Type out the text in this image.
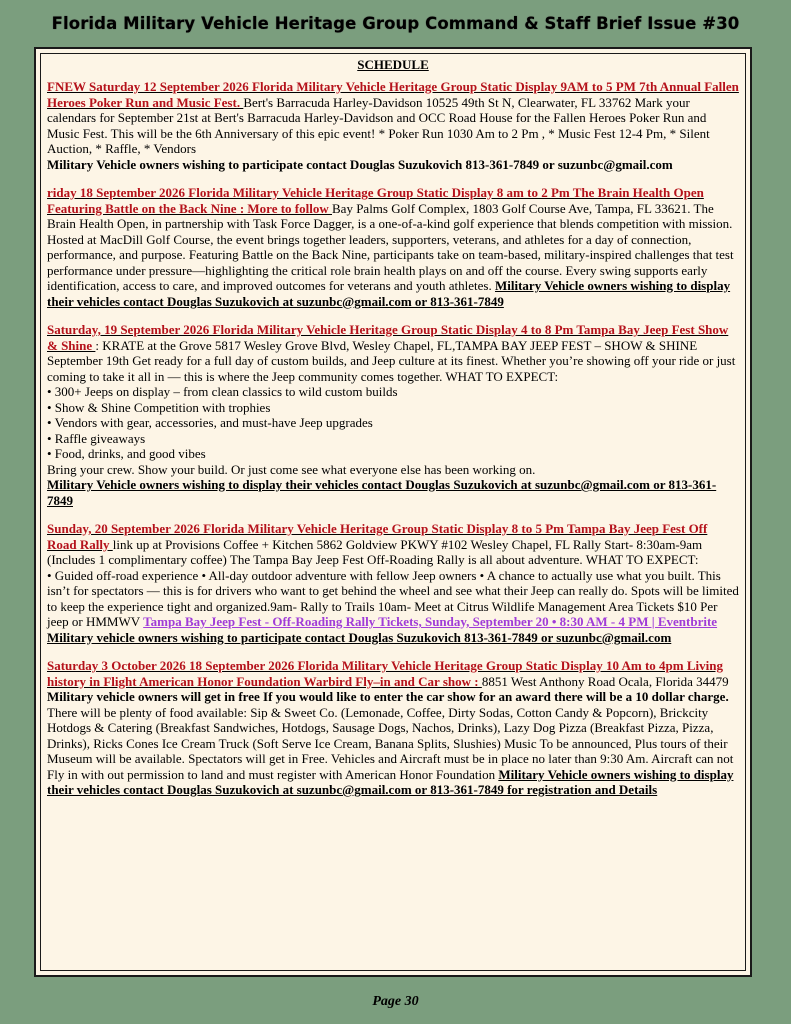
Florida Military Vehicle Heritage Group Command & Staff Brief Issue #30
SCHEDULE

FNEW Saturday 12 September 2026 Florida Military Vehicle Heritage Group Static Display 9AM to 5 PM 7th Annual Fallen Heroes Poker Run and Music Fest. Bert's Barracuda Harley-Davidson 10525 49th St N, Clearwater, FL 33762 Mark your calendars for September 21st at Bert's Barracuda Harley-Davidson and OCC Road House for the Fallen Heroes Poker Run and Music Fest. This will be the 6th Anniversary of this epic event! * Poker Run 1030 Am to 2 Pm , * Music Fest 12-4 Pm, * Silent Auction, * Raffle, * Vendors

Military Vehicle owners wishing to participate contact Douglas Suzukovich 813-361-7849 or suzunbc@gmail.com

riday 18 September 2026 Florida Military Vehicle Heritage Group Static Display 8 am to 2 Pm The Brain Health Open Featuring Battle on the Back Nine : More to follow Bay Palms Golf Complex, 1803 Golf Course Ave, Tampa, FL 33621. The Brain Health Open, in partnership with Task Force Dagger, is a one-of-a-kind golf experience that blends competition with mission. Hosted at MacDill Golf Course, the event brings together leaders, supporters, veterans, and athletes for a day of connection, performance, and purpose. Featuring Battle on the Back Nine, participants take on team-based, military-inspired challenges that test performance under pressure—highlighting the critical role brain health plays on and off the course. Every swing supports early identification, access to care, and improved outcomes for veterans and youth athletes. Military Vehicle owners wishing to display their vehicles contact Douglas Suzukovich at suzunbc@gmail.com or 813-361-7849

Saturday, 19 September 2026 Florida Military Vehicle Heritage Group Static Display 4 to 8 Pm Tampa Bay Jeep Fest Show & Shine : KRATE at the Grove 5817 Wesley Grove Blvd, Wesley Chapel, FL,TAMPA BAY JEEP FEST – SHOW & SHINE September 19th Get ready for a full day of custom builds, and Jeep culture at its finest. Whether you’re showing off your ride or just coming to take it all in — this is where the Jeep community comes together. WHAT TO EXPECT:

• 300+ Jeeps on display – from clean classics to wild custom builds

• Show & Shine Competition with trophies

• Vendors with gear, accessories, and must-have Jeep upgrades

• Raffle giveaways

• Food, drinks, and good vibes

Bring your crew. Show your build. Or just come see what everyone else has been working on.

Military Vehicle owners wishing to display their vehicles contact Douglas Suzukovich at suzunbc@gmail.com or 813-361-7849

Sunday, 20 September 2026 Florida Military Vehicle Heritage Group Static Display 8 to 5 Pm Tampa Bay Jeep Fest Off Road Rally link up at Provisions Coffee + Kitchen 5862 Goldview PKWY #102 Wesley Chapel, FL Rally Start- 8:30am-9am (Includes 1 complimentary coffee) The Tampa Bay Jeep Fest Off-Roading Rally is all about adventure. WHAT TO EXPECT:

• Guided off-road experience • All-day outdoor adventure with fellow Jeep owners • A chance to actually use what you built. This isn’t for spectators — this is for drivers who want to get behind the wheel and see what their Jeep can really do. Spots will be limited to keep the experience tight and organized.9am- Rally to Trails 10am- Meet at Citrus Wildlife Management Area Tickets $10 Per jeep or HMMWV Tampa Bay Jeep Fest - Off-Roading Rally Tickets, Sunday, September 20 • 8:30 AM - 4 PM | Eventbrite Military vehicle owners wishing to participate contact Douglas Suzukovich 813-361-7849 or suzunbc@gmail.com

Saturday 3 October 2026 18 September 2026 Florida Military Vehicle Heritage Group Static Display 10 Am to 4pm Living history in Flight American Honor Foundation Warbird Fly–in and Car show : 8851 West Anthony Road Ocala, Florida 34479 Military vehicle owners will get in free If you would like to enter the car show for an award there will be a 10 dollar charge. There will be plenty of food available: Sip & Sweet Co. (Lemonade, Coffee, Dirty Sodas, Cotton Candy & Popcorn), Brickcity Hotdogs & Catering (Breakfast Sandwiches, Hotdogs, Sausage Dogs, Nachos, Drinks), Lazy Dog Pizza (Breakfast Pizza, Pizza, Drinks), Ricks Cones Ice Cream Truck (Soft Serve Ice Cream, Banana Splits, Slushies) Music To be announced, Plus tours of their Museum will be available. Spectators will get in Free. Vehicles and Aircraft must be in place no later than 9:30 Am. Aircraft can not Fly in with out permission to land and must register with American Honor Foundation Military Vehicle owners wishing to display their vehicles contact Douglas Suzukovich at suzunbc@gmail.com or 813-361-7849 for registration and Details

Page 30
